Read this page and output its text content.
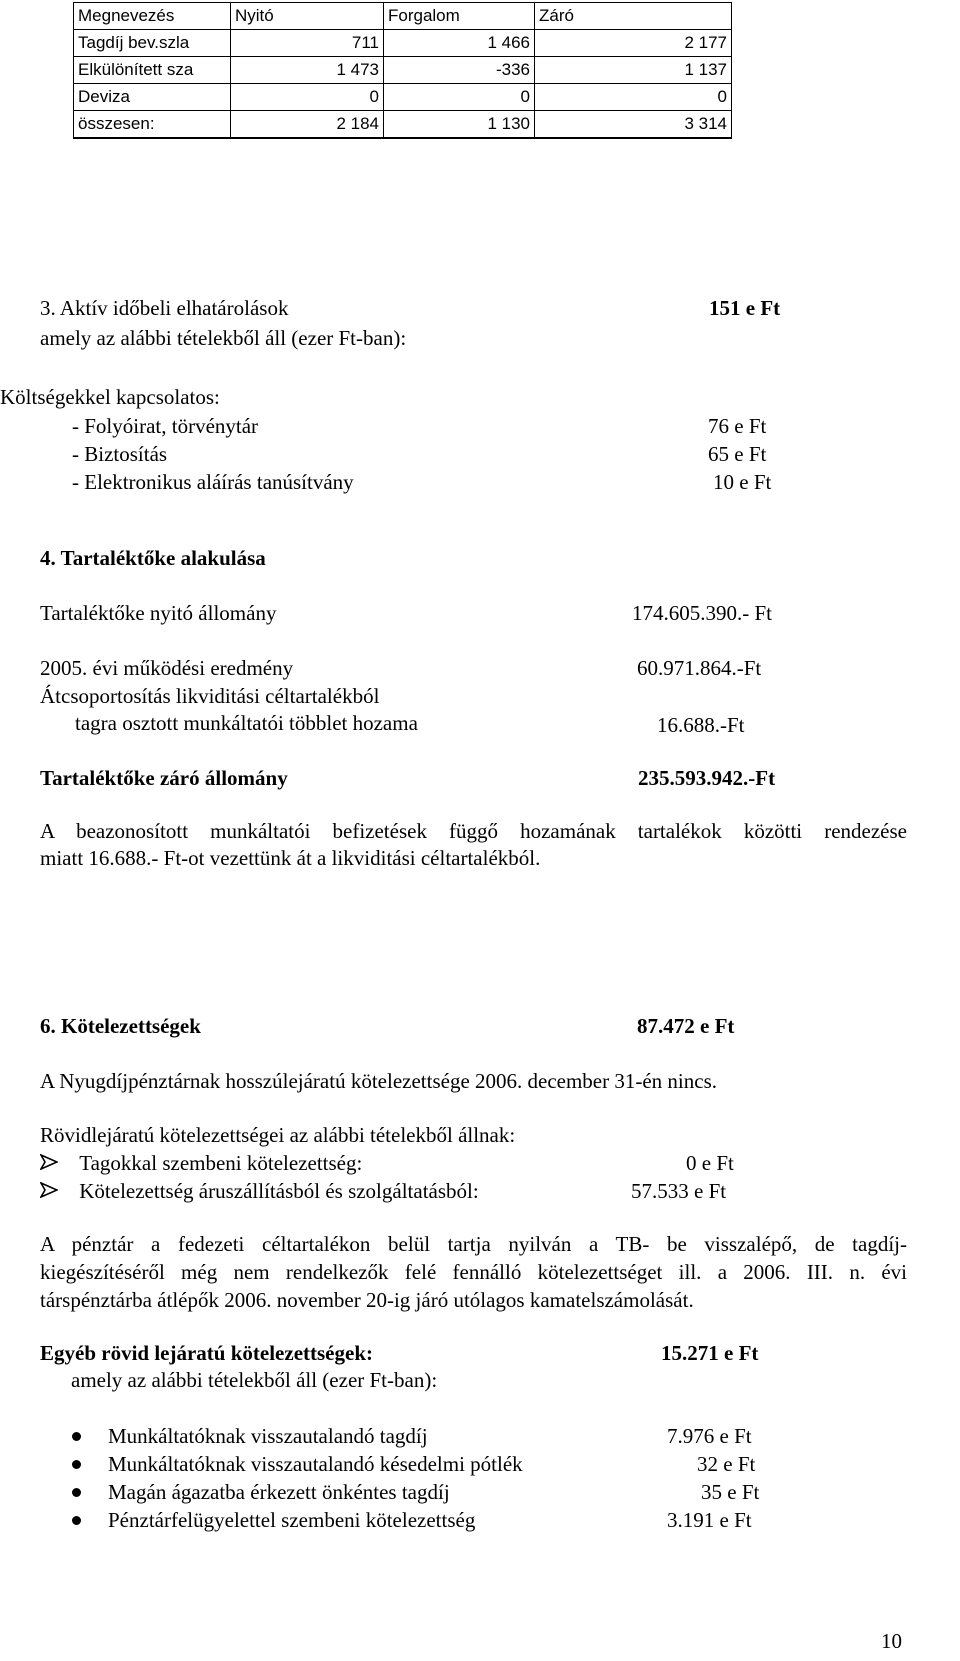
Megnevezés	Nyitó	Forgalom	Záró
Tagdíj bev.szla	711	1 466	2 177
Elkülönített sza	1 473	-336	1 137
Deviza	0	0	0
összesen:	2 184	1 130	3 314
3. Aktív időbeli elhatárolások	151 e Ft
amely az alábbi tételekből áll (ezer Ft-ban):
Költségekkel kapcsolatos:
- Folyóirat, törvénytár	76 e Ft
- Biztosítás	65 e Ft
- Elektronikus aláírás tanúsítvány	10 e Ft
4. Tartaléktőke alakulása
Tartaléktőke nyitó állomány	174.605.390.- Ft
2005. évi működési eredmény	60.971.864.-Ft
Átcsoportosítás likviditási céltartalékból
tagra osztott munkáltatói többlet hozama	16.688.-Ft
Tartaléktőke záró állomány	235.593.942.-Ft
A beazonosított munkáltatói befizetések függő hozamának tartalékok közötti rendezése
miatt 16.688.- Ft-ot vezettünk át a likviditási céltartalékból.
6. Kötelezettségek	87.472 e Ft
A Nyugdíjpénztárnak hosszúlejáratú kötelezettsége 2006. december 31-én nincs.
Rövidlejáratú kötelezettségei az alábbi tételekből állnak:
Tagokkal szembeni kötelezettség:	0 e Ft
Kötelezettség áruszállításból és szolgáltatásból:	57.533 e Ft
A pénztár a fedezeti céltartalékon belül tartja nyilván a TB- be visszalépő, de tagdíj-
kiegészítéséről még nem rendelkezők felé fennálló kötelezettséget ill. a 2006. III. n. évi
társpénztárba átlépők 2006. november 20-ig járó utólagos kamatelszámolását.
Egyéb rövid lejáratú kötelezettségek:	15.271 e Ft
amely az alábbi tételekből áll (ezer Ft-ban):
Munkáltatóknak visszautalandó tagdíj	7.976 e Ft
Munkáltatóknak visszautalandó késedelmi pótlék	32 e Ft
Magán ágazatba érkezett önkéntes tagdíj	35 e Ft
Pénztárfelügyelettel szembeni kötelezettség	3.191 e Ft
10
